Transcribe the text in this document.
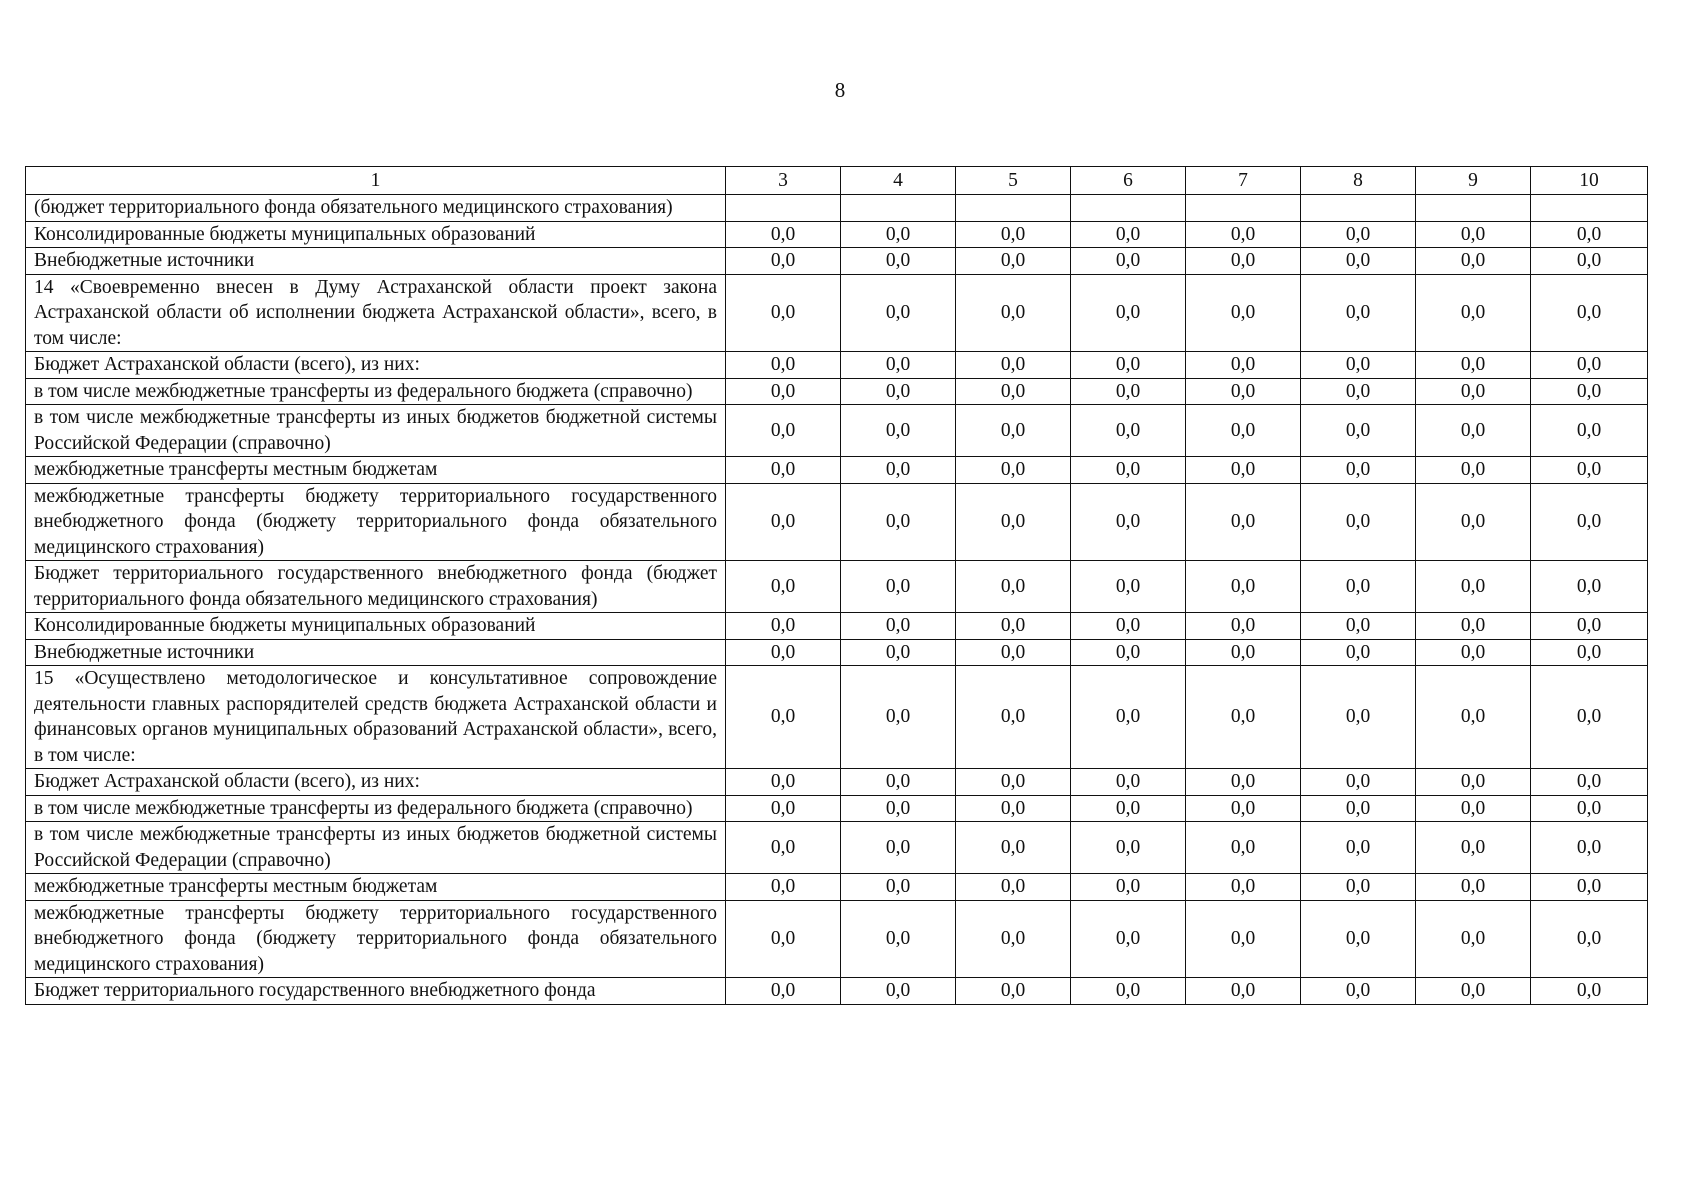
8
1	3	4	5	6	7	8	9	10
(бюджет территориального фонда обязательного медицинского страхования)								
Консолидированные бюджеты муниципальных образований	0,0	0,0	0,0	0,0	0,0	0,0	0,0	0,0
Внебюджетные источники	0,0	0,0	0,0	0,0	0,0	0,0	0,0	0,0
14 «Своевременно внесен в Думу Астраханской области проект закона Астраханской области об исполнении бюджета Астраханской области», всего, в том числе:	0,0	0,0	0,0	0,0	0,0	0,0	0,0	0,0
Бюджет Астраханской области (всего), из них:	0,0	0,0	0,0	0,0	0,0	0,0	0,0	0,0
в том числе межбюджетные трансферты из федерального бюджета (справочно)	0,0	0,0	0,0	0,0	0,0	0,0	0,0	0,0
в том числе межбюджетные трансферты из иных бюджетов бюджетной системы Российской Федерации (справочно)	0,0	0,0	0,0	0,0	0,0	0,0	0,0	0,0
межбюджетные трансферты местным бюджетам	0,0	0,0	0,0	0,0	0,0	0,0	0,0	0,0
межбюджетные трансферты бюджету территориального государственного внебюджетного фонда (бюджету территориального фонда обязательного медицинского страхования)	0,0	0,0	0,0	0,0	0,0	0,0	0,0	0,0
Бюджет территориального государственного внебюджетного фонда (бюджет территориального фонда обязательного медицинского страхования)	0,0	0,0	0,0	0,0	0,0	0,0	0,0	0,0
Консолидированные бюджеты муниципальных образований	0,0	0,0	0,0	0,0	0,0	0,0	0,0	0,0
Внебюджетные источники	0,0	0,0	0,0	0,0	0,0	0,0	0,0	0,0
15 «Осуществлено методологическое и консультативное сопровождение деятельности главных распорядителей средств бюджета Астраханской области и финансовых органов муниципальных образований Астраханской области», всего, в том числе:	0,0	0,0	0,0	0,0	0,0	0,0	0,0	0,0
Бюджет Астраханской области (всего), из них:	0,0	0,0	0,0	0,0	0,0	0,0	0,0	0,0
в том числе межбюджетные трансферты из федерального бюджета (справочно)	0,0	0,0	0,0	0,0	0,0	0,0	0,0	0,0
в том числе межбюджетные трансферты из иных бюджетов бюджетной системы Российской Федерации (справочно)	0,0	0,0	0,0	0,0	0,0	0,0	0,0	0,0
межбюджетные трансферты местным бюджетам	0,0	0,0	0,0	0,0	0,0	0,0	0,0	0,0
межбюджетные трансферты бюджету территориального государственного внебюджетного фонда (бюджету территориального фонда обязательного медицинского страхования)	0,0	0,0	0,0	0,0	0,0	0,0	0,0	0,0
Бюджет территориального государственного внебюджетного фонда	0,0	0,0	0,0	0,0	0,0	0,0	0,0	0,0
